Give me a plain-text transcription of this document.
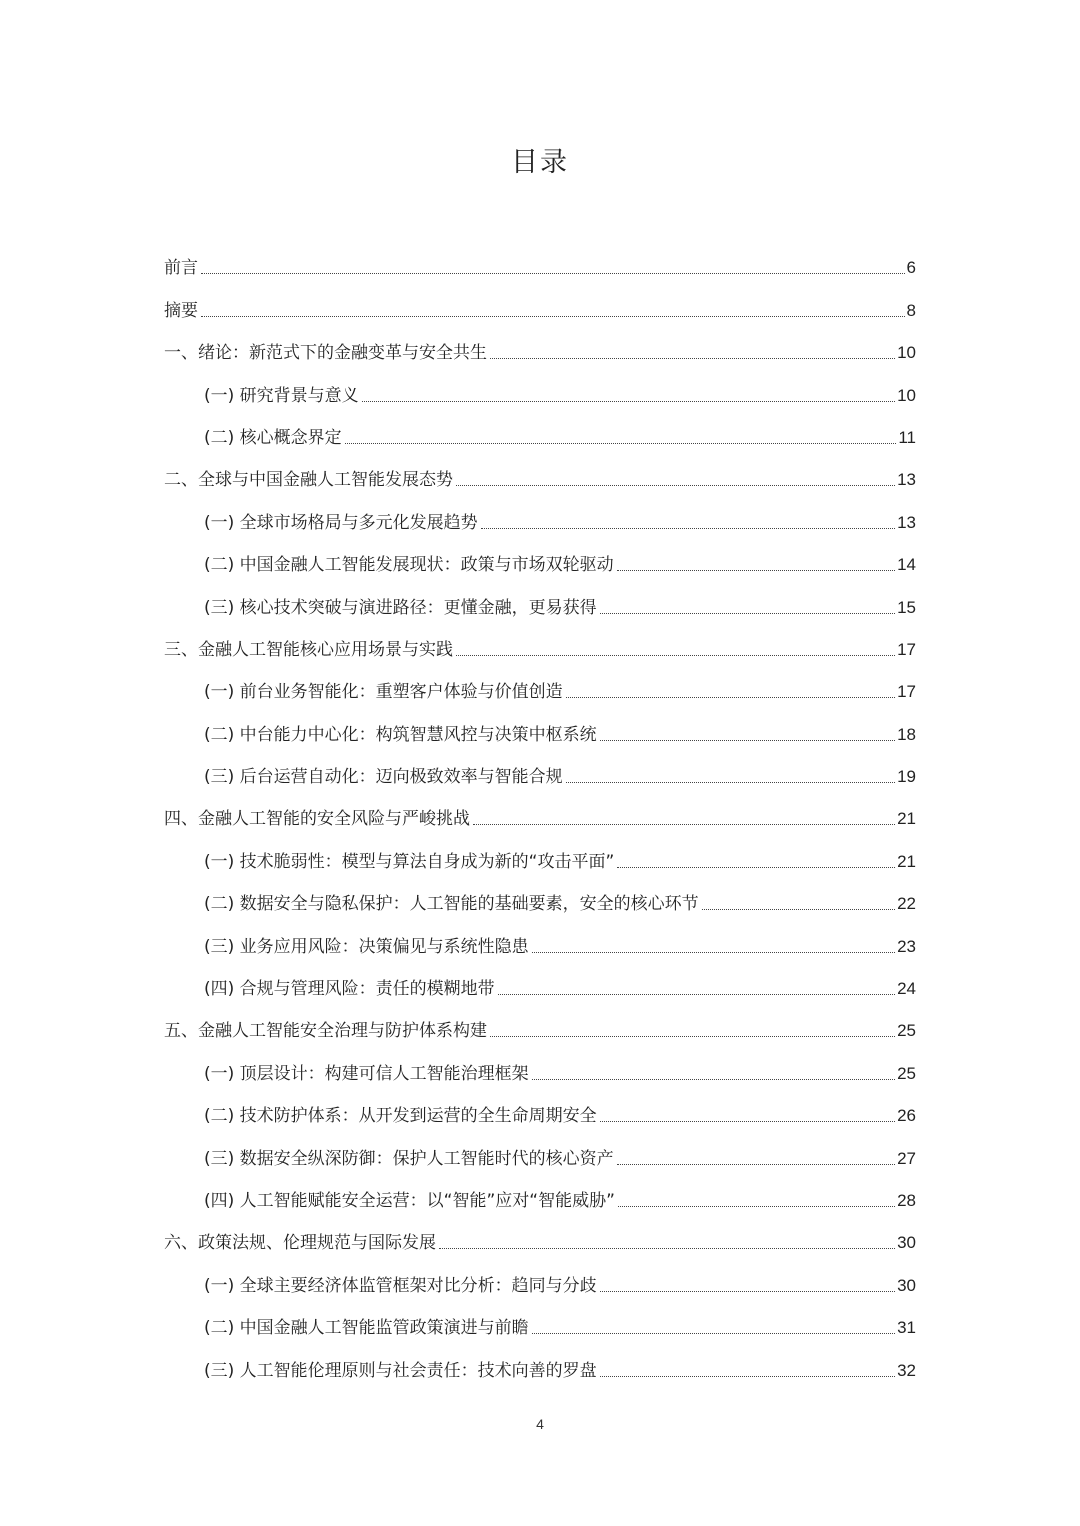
目录
前言	6
摘要	8
一、绪论：新范式下的金融变革与安全共生	10
(一) 研究背景与意义	10
(二) 核心概念界定	11
二、全球与中国金融人工智能发展态势	13
(一) 全球市场格局与多元化发展趋势	13
(二) 中国金融人工智能发展现状：政策与市场双轮驱动	14
(三) 核心技术突破与演进路径：更懂金融，更易获得	15
三、金融人工智能核心应用场景与实践	17
(一) 前台业务智能化：重塑客户体验与价值创造	17
(二) 中台能力中心化：构筑智慧风控与决策中枢系统	18
(三) 后台运营自动化：迈向极致效率与智能合规	19
四、金融人工智能的安全风险与严峻挑战	21
(一) 技术脆弱性：模型与算法自身成为新的“攻击平面”	21
(二) 数据安全与隐私保护：人工智能的基础要素，安全的核心环节	22
(三) 业务应用风险：决策偏见与系统性隐患	23
(四) 合规与管理风险：责任的模糊地带	24
五、金融人工智能安全治理与防护体系构建	25
(一) 顶层设计：构建可信人工智能治理框架	25
(二) 技术防护体系：从开发到运营的全生命周期安全	26
(三) 数据安全纵深防御：保护人工智能时代的核心资产	27
(四) 人工智能赋能安全运营：以“智能”应对“智能威胁”	28
六、政策法规、伦理规范与国际发展	30
(一) 全球主要经济体监管框架对比分析：趋同与分歧	30
(二) 中国金融人工智能监管政策演进与前瞻	31
(三) 人工智能伦理原则与社会责任：技术向善的罗盘	32
4
